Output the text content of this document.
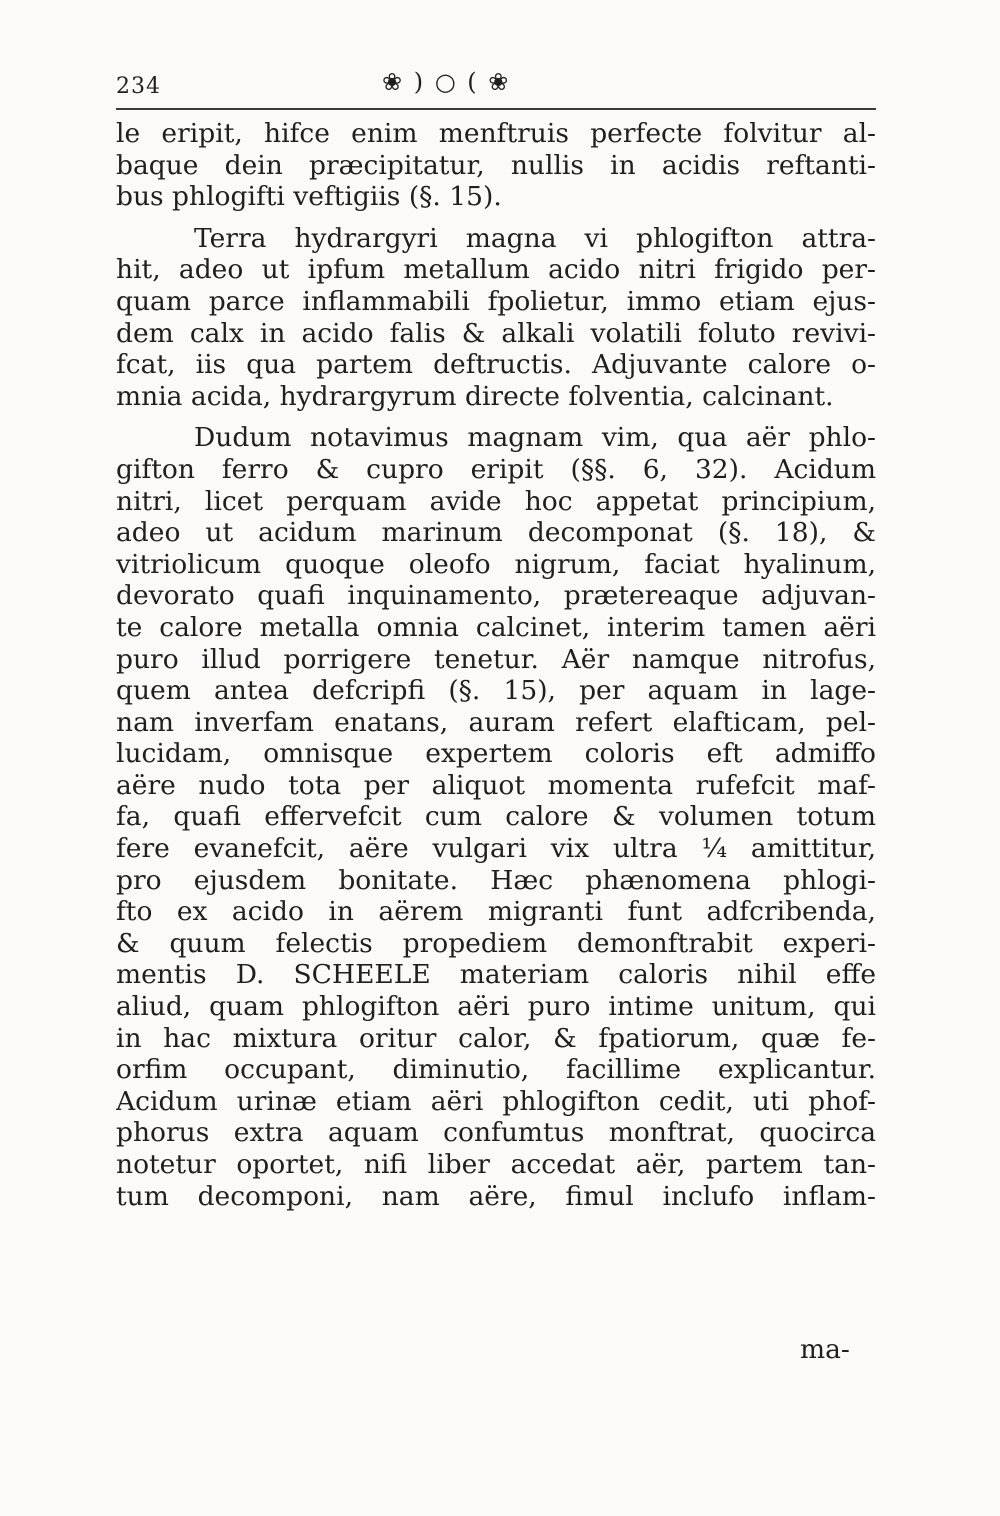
234	❀ ) ○ ( ❀
le eripit, hifce enim menftruis perfecte folvitur al-
baque dein præcipitatur, nullis in acidis reftanti-
bus phlogifti veftigiis (§. 15).
Terra hydrargyri magna vi phlogifton attra-
hit, adeo ut ipfum metallum acido nitri frigido per-
quam parce inflammabili fpolietur, immo etiam ejus-
dem calx in acido falis & alkali volatili foluto revivi-
fcat, iis qua partem deftructis. Adjuvante calore o-
mnia acida, hydrargyrum directe folventia, calcinant.
Dudum notavimus magnam vim, qua aër phlo-
gifton ferro & cupro eripit (§§. 6, 32). Acidum
nitri, licet perquam avide hoc appetat principium,
adeo ut acidum marinum decomponat (§. 18), &
vitriolicum quoque oleofo nigrum, faciat hyalinum,
devorato quafi inquinamento, prætereaque adjuvan-
te calore metalla omnia calcinet, interim tamen aëri
puro illud porrigere tenetur. Aër namque nitrofus,
quem antea defcripfi (§. 15), per aquam in lage-
nam inverfam enatans, auram refert elafticam, pel-
lucidam, omnisque expertem coloris eft admiffo
aëre nudo tota per aliquot momenta rufefcit maf-
fa, quafi effervefcit cum calore & volumen totum
fere evanefcit, aëre vulgari vix ultra ¼ amittitur,
pro ejusdem bonitate. Hæc phænomena phlogi-
fto ex acido in aërem migranti funt adfcribenda,
& quum felectis propediem demonftrabit experi-
mentis D. SCHEELE materiam caloris nihil effe
aliud, quam phlogifton aëri puro intime unitum, qui
in hac mixtura oritur calor, & fpatiorum, quæ fe-
orfim occupant, diminutio, facillime explicantur.
Acidum urinæ etiam aëri phlogifton cedit, uti phof-
phorus extra aquam confumtus monftrat, quocirca
notetur oportet, nifi liber accedat aër, partem tan-
tum decomponi, nam aëre, fimul inclufo inflam-
ma-
